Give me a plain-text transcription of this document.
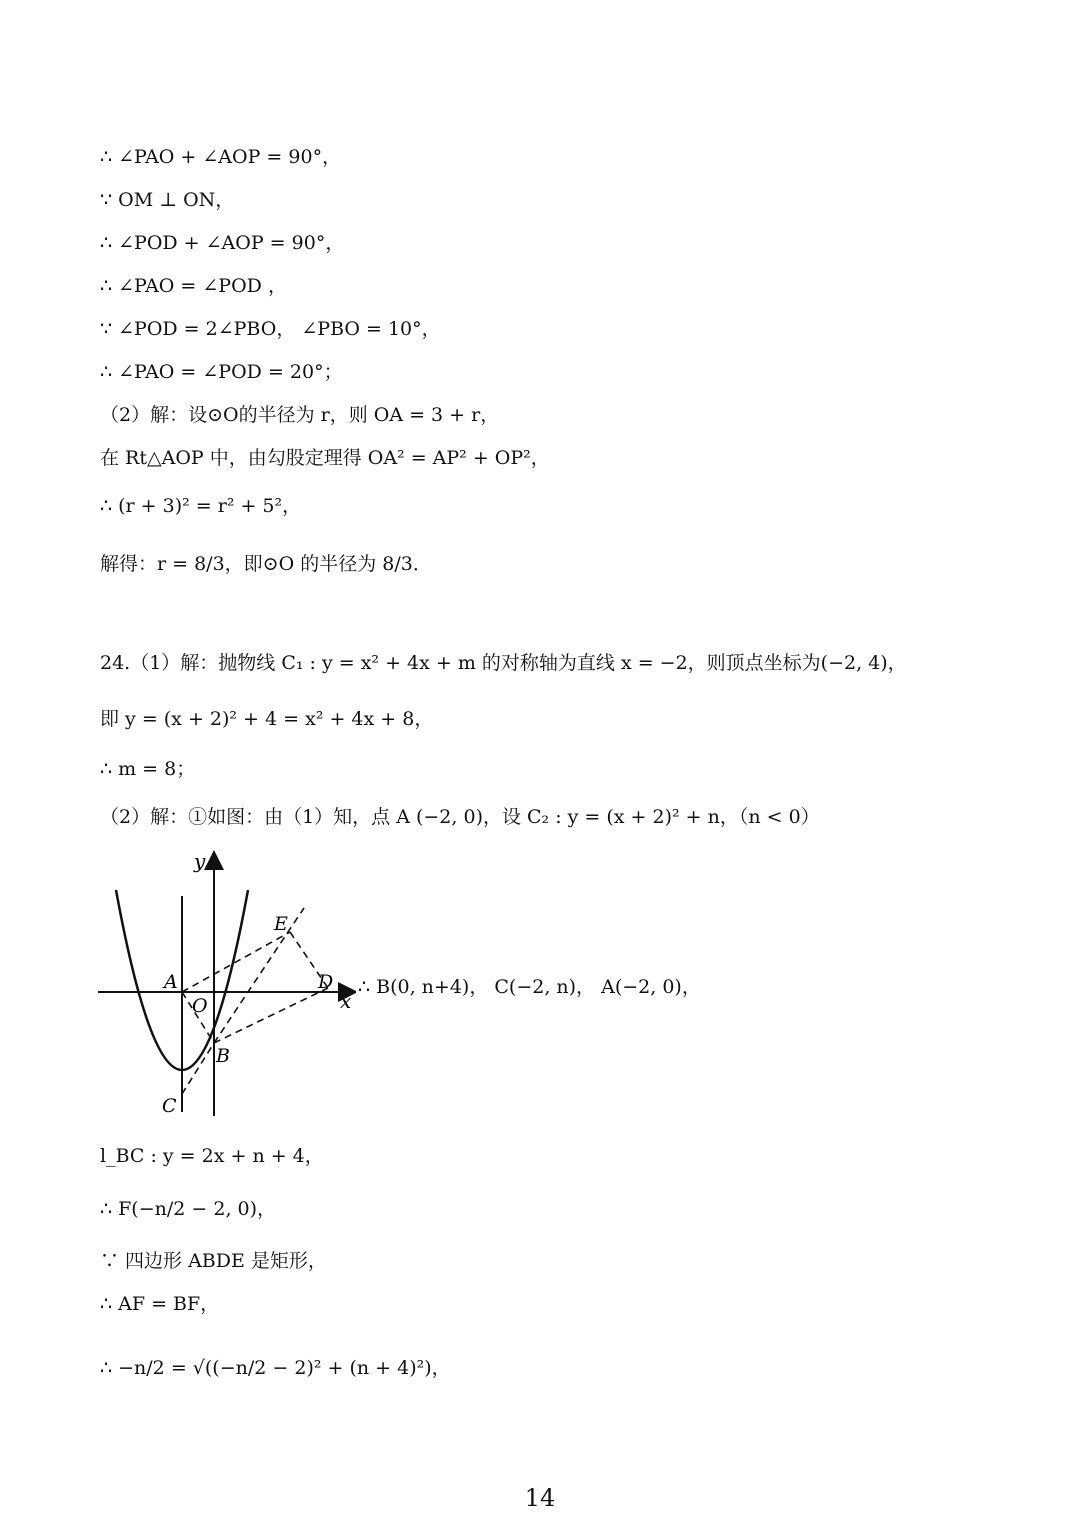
∴ ∠PAO + ∠AOP = 90°，
∵ OM ⊥ ON，
∴ ∠POD + ∠AOP = 90°，
∴ ∠PAO = ∠POD ，
∵ ∠POD = 2∠PBO， ∠PBO = 10°，
∴ ∠PAO = ∠POD = 20°；
（2）解：设⊙O的半径为 r，则 OA = 3 + r，
在 Rt△AOP 中，由勾股定理得 OA² = AP² + OP²，
∴ (r + 3)² = r² + 5²，
解得：r = 8/3，即⊙O 的半径为 8/3．
24.（1）解：抛物线 C₁ : y = x² + 4x + m 的对称轴为直线 x = −2，则顶点坐标为(−2, 4)，
即 y = (x + 2)² + 4 = x² + 4x + 8，
∴ m = 8；
（2）解：①如图：由（1）知，点 A (−2, 0)，设 C₂ : y = (x + 2)² + n，（n < 0）
y
x
A
O
B
C
D
E
∴ B(0, n+4)， C(−2, n)， A(−2, 0)，
l_BC : y = 2x + n + 4，
∴ F(−n/2 − 2, 0)，
∵ 四边形 ABDE 是矩形，
∴ AF = BF，
∴ −n/2 = √((−n/2 − 2)² + (n + 4)²)，
14
